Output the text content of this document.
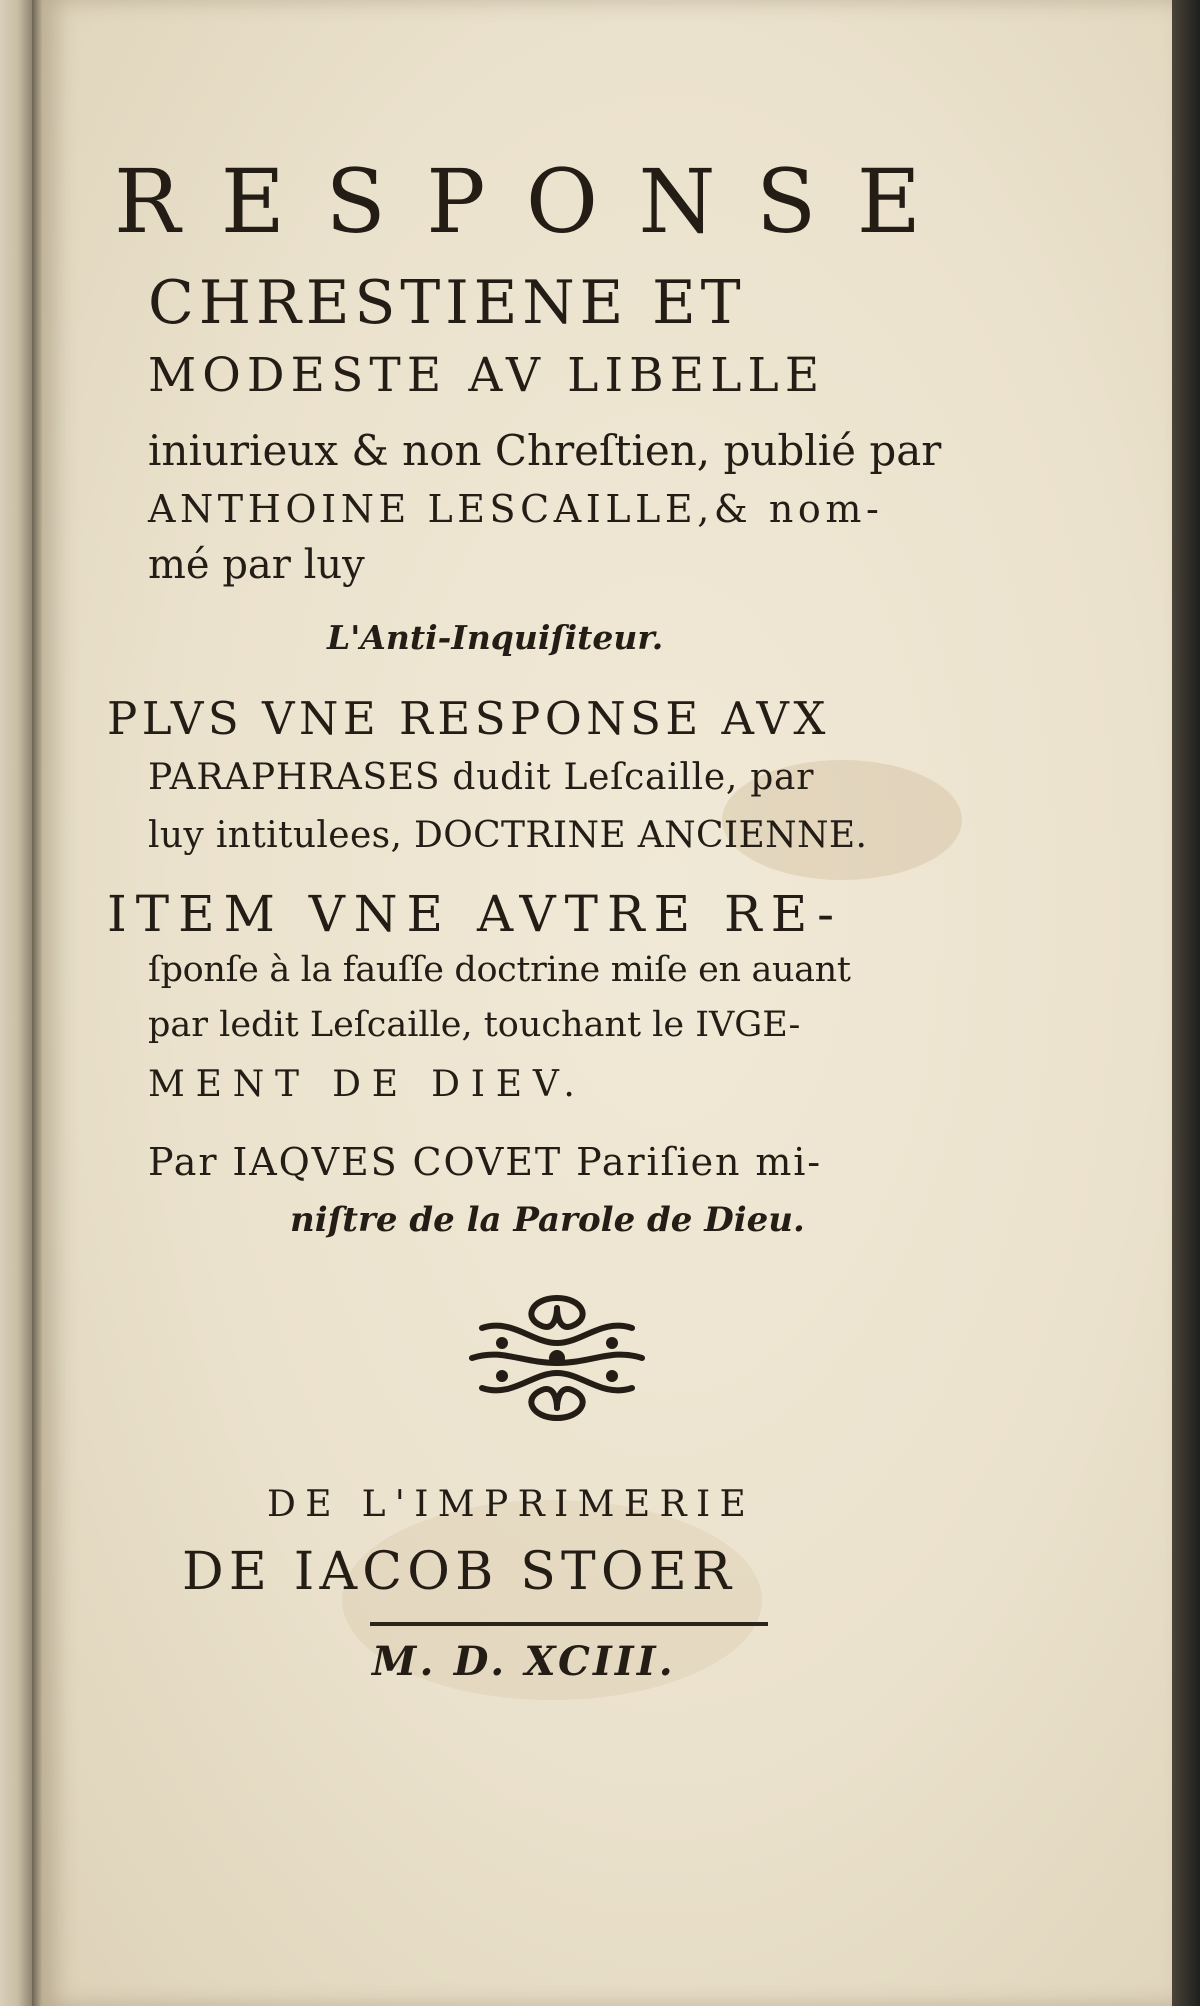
RESPONSE
CHRESTIENE ET
MODESTE AV LIBELLE
iniurieux & non Chreſtien, publié par
ANTHOINE LESCAILLE,& nom-
mé par luy
L'Anti-Inquiſiteur.
PLVS VNE RESPONSE AVX
PARAPHRASES dudit Leſcaille, par
luy intitulees, DOCTRINE ANCIENNE.
ITEM VNE AVTRE RE-
ſponſe à la fauſſe doctrine miſe en auant
par ledit Leſcaille, touchant le IVGE-
MENT DE DIEV.
Par IAQVES COVET Pariſien mi-
niſtre de la Parole de Dieu.
DE L'IMPRIMERIE
DE IACOB STOER
M. D. XCIII.
